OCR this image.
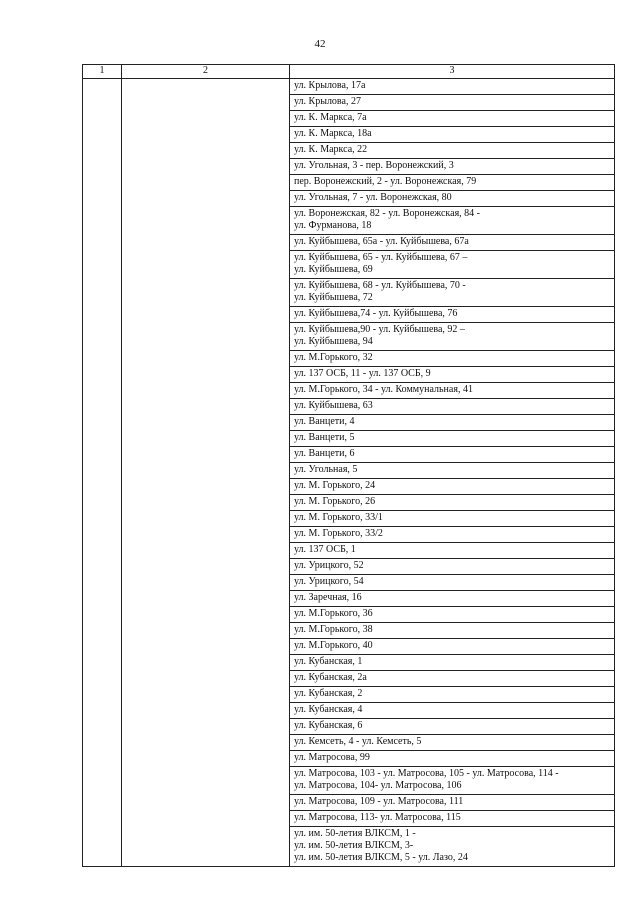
42
1	2	3
		ул. Крылова, 17а
		ул. Крылова, 27
		ул. К. Маркса, 7а
		ул. К. Маркса, 18а
		ул. К. Маркса, 22
		ул. Угольная, 3 - пер. Воронежский, 3
		пер. Воронежский, 2 - ул. Воронежская, 79
		ул. Угольная, 7 - ул. Воронежская, 80
		ул. Воронежская, 82 - ул. Воронежская, 84 -
ул. Фурманова, 18
		ул. Куйбышева, 65а - ул. Куйбышева, 67а
		ул. Куйбышева, 65 - ул. Куйбышева, 67 –
ул. Куйбышева, 69
		ул. Куйбышева, 68 - ул. Куйбышева, 70 -
ул. Куйбышева, 72
		ул. Куйбышева,74 - ул. Куйбышева, 76
		ул. Куйбышева,90 - ул. Куйбышева, 92 –
ул. Куйбышева, 94
		ул. М.Горького, 32
		ул. 137 ОСБ, 11 - ул. 137 ОСБ, 9
		ул. М.Горького, 34 - ул. Коммунальная, 41
		ул. Куйбышева, 63
		ул. Ванцети, 4
		ул. Ванцети, 5
		ул. Ванцети, 6
		ул. Угольная, 5
		ул. М. Горького, 24
		ул. М. Горького, 26
		ул. М. Горького, 33/1
		ул. М. Горького, 33/2
		ул. 137 ОСБ, 1
		ул. Урицкого, 52
		ул. Урицкого, 54
		ул. Заречная, 16
		ул. М.Горького, 36
		ул. М.Горького, 38
		ул. М.Горького, 40
		ул. Кубанская, 1
		ул. Кубанская, 2а
		ул. Кубанская, 2
		ул. Кубанская, 4
		ул. Кубанская, 6
		ул. Кемсеть, 4 - ул. Кемсеть, 5
		ул. Матросова, 99
		ул. Матросова, 103 - ул. Матросова, 105 - ул. Матросова, 114 -
ул. Матросова, 104- ул. Матросова, 106
		ул. Матросова, 109 - ул. Матросова, 111
		ул. Матросова, 113- ул. Матросова, 115
		ул. им. 50-летия ВЛКСМ, 1 -
ул. им. 50-летия ВЛКСМ, 3-
ул. им. 50-летия ВЛКСМ, 5 - ул. Лазо, 24
